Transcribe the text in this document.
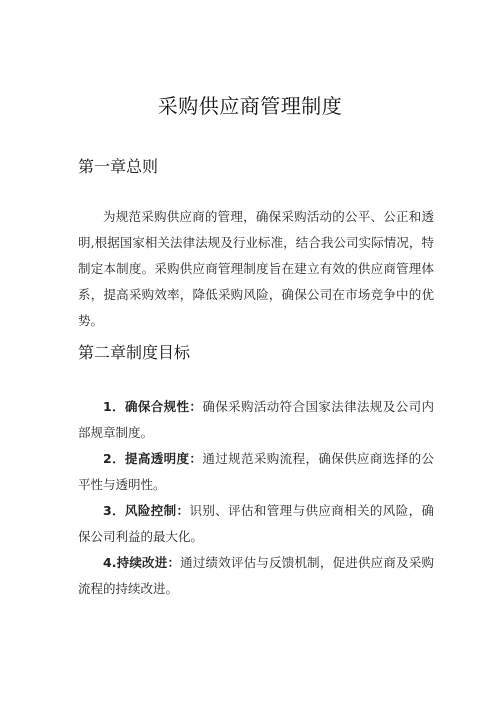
采购供应商管理制度
第一章总则
为规范采购供应商的管理，确保采购活动的公平、公正和透明,根据国家相关法律法规及行业标准，结合我公司实际情况，特制定本制度。采购供应商管理制度旨在建立有效的供应商管理体系，提高采购效率，降低采购风险，确保公司在市场竞争中的优势。
第二章制度目标
1．确保合规性：确保采购活动符合国家法律法规及公司内部规章制度。
2．提高透明度：通过规范采购流程，确保供应商选择的公平性与透明性。
3．风险控制：识别、评估和管理与供应商相关的风险，确保公司利益的最大化。
4.持续改进：通过绩效评估与反馈机制，促进供应商及采购流程的持续改进。
